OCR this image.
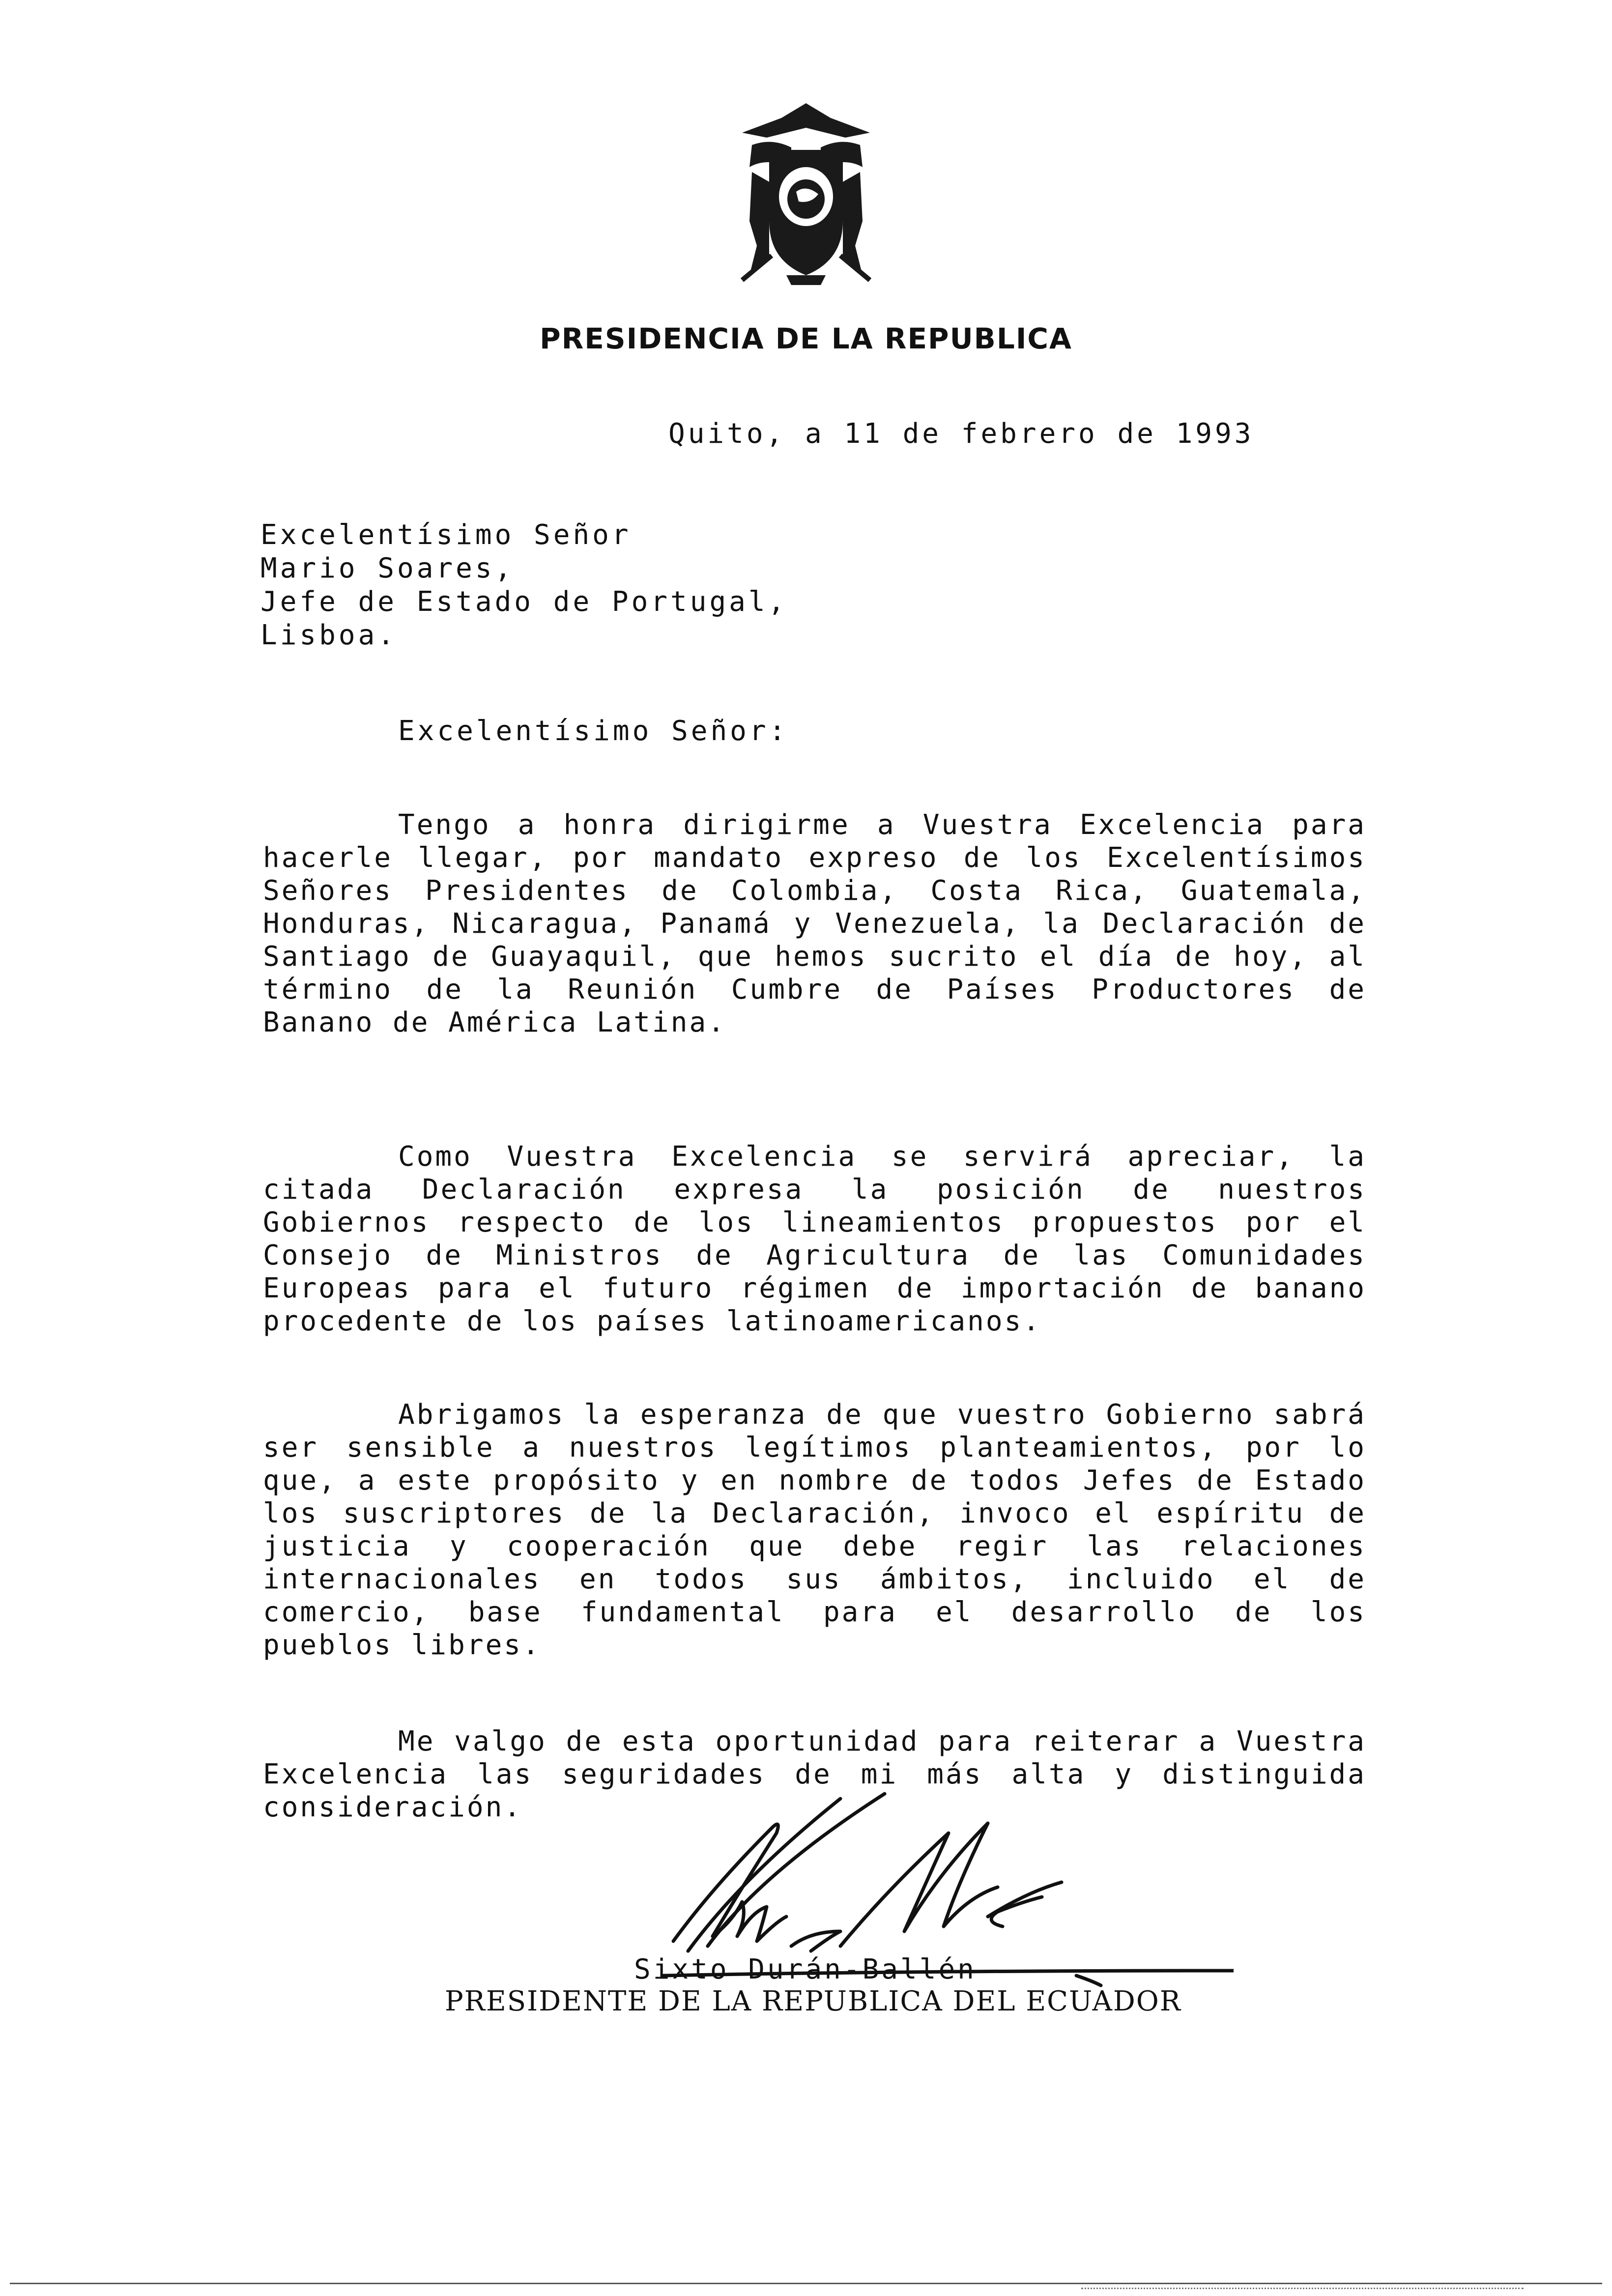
PRESIDENCIA DE LA REPUBLICA
Quito, a 11 de febrero de 1993
Excelentísimo Señor
Mario Soares,
Jefe de Estado de Portugal,
Lisboa.
Excelentísimo Señor:

Tengo a honra dirigirme a Vuestra Excelencia para hacerle llegar, por mandato expreso de los Excelentísimos Señores Presidentes de Colombia, Costa Rica, Guatemala, Honduras, Nicaragua, Panamá y Venezuela, la Declaración de Santiago de Guayaquil, que hemos sucrito el día de hoy, al término de la Reunión Cumbre de Países Productores de Banano de América Latina.

Como Vuestra Excelencia se servirá apreciar, la citada Declaración expresa la posición de nuestros Gobiernos respecto de los lineamientos propuestos por el Consejo de Ministros de Agricultura de las Comunidades Europeas para el futuro régimen de importación de banano procedente de los países latinoamericanos.

Abrigamos la esperanza de que vuestro Gobierno sabrá ser sensible a nuestros legítimos planteamientos, por lo que, a este propósito y en nombre de todos Jefes de Estado los suscriptores de la Declaración, invoco el espíritu de justicia y cooperación que debe regir las relaciones internacionales en todos sus ámbitos, incluido el de comercio, base fundamental para el desarrollo de los pueblos libres.

Me valgo de esta oportunidad para reiterar a Vuestra Excelencia las seguridades de mi más alta y distinguida consideración.

Sixto Durán-Ballén
PRESIDENTE DE LA REPUBLICA DEL ECUADOR
